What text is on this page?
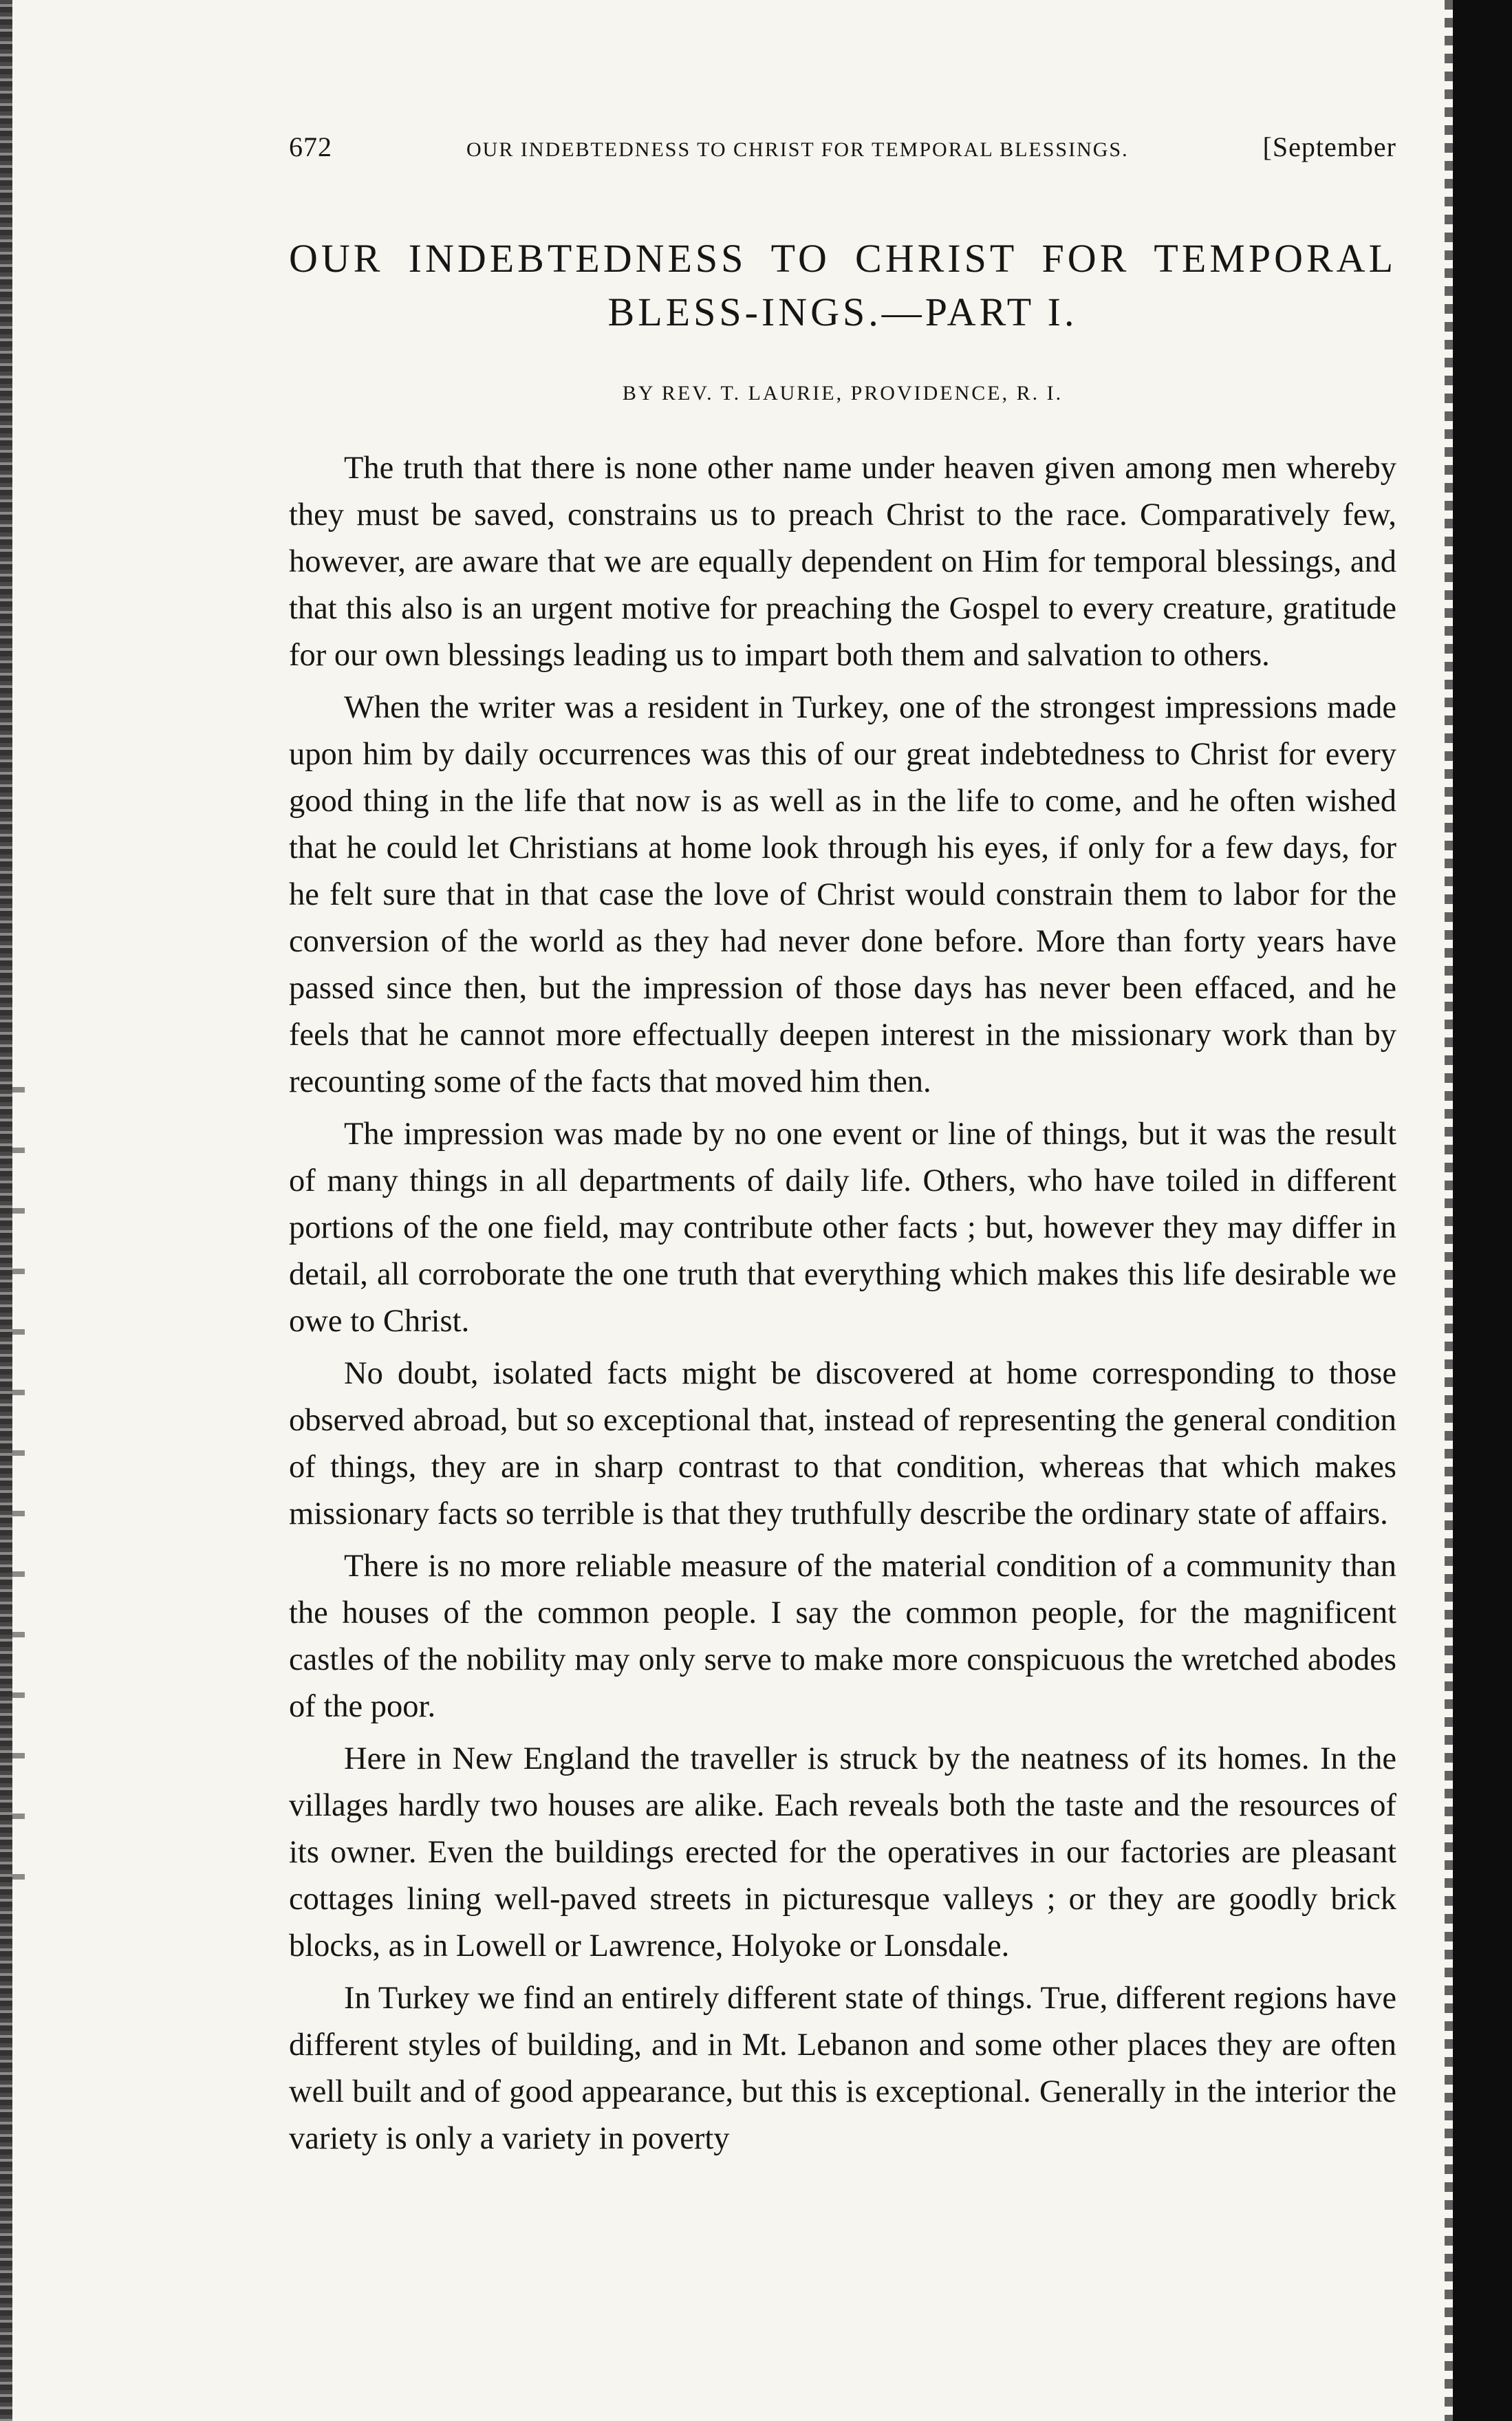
672	OUR INDEBTEDNESS TO CHRIST FOR TEMPORAL BLESSINGS.	[September
OUR INDEBTEDNESS TO CHRIST FOR TEMPORAL BLESS-INGS.—PART I.
BY REV. T. LAURIE, PROVIDENCE, R. I.

The truth that there is none other name under heaven given among men whereby they must be saved, constrains us to preach Christ to the race. Comparatively few, however, are aware that we are equally dependent on Him for temporal blessings, and that this also is an urgent motive for preaching the Gospel to every creature, gratitude for our own blessings leading us to impart both them and salvation to others.

When the writer was a resident in Turkey, one of the strongest impressions made upon him by daily occurrences was this of our great indebtedness to Christ for every good thing in the life that now is as well as in the life to come, and he often wished that he could let Christians at home look through his eyes, if only for a few days, for he felt sure that in that case the love of Christ would constrain them to labor for the conversion of the world as they had never done before. More than forty years have passed since then, but the impression of those days has never been effaced, and he feels that he cannot more effectually deepen interest in the missionary work than by recounting some of the facts that moved him then.

The impression was made by no one event or line of things, but it was the result of many things in all departments of daily life. Others, who have toiled in different portions of the one field, may contribute other facts ; but, however they may differ in detail, all corroborate the one truth that everything which makes this life desirable we owe to Christ.

No doubt, isolated facts might be discovered at home corresponding to those observed abroad, but so exceptional that, instead of representing the general condition of things, they are in sharp contrast to that condition, whereas that which makes missionary facts so terrible is that they truthfully describe the ordinary state of affairs.

There is no more reliable measure of the material condition of a community than the houses of the common people. I say the common people, for the magnificent castles of the nobility may only serve to make more conspicuous the wretched abodes of the poor.

Here in New England the traveller is struck by the neatness of its homes. In the villages hardly two houses are alike. Each reveals both the taste and the resources of its owner. Even the buildings erected for the operatives in our factories are pleasant cottages lining well-paved streets in picturesque valleys ; or they are goodly brick blocks, as in Lowell or Lawrence, Holyoke or Lonsdale.

In Turkey we find an entirely different state of things. True, different regions have different styles of building, and in Mt. Lebanon and some other places they are often well built and of good appearance, but this is exceptional. Generally in the interior the variety is only a variety in poverty
